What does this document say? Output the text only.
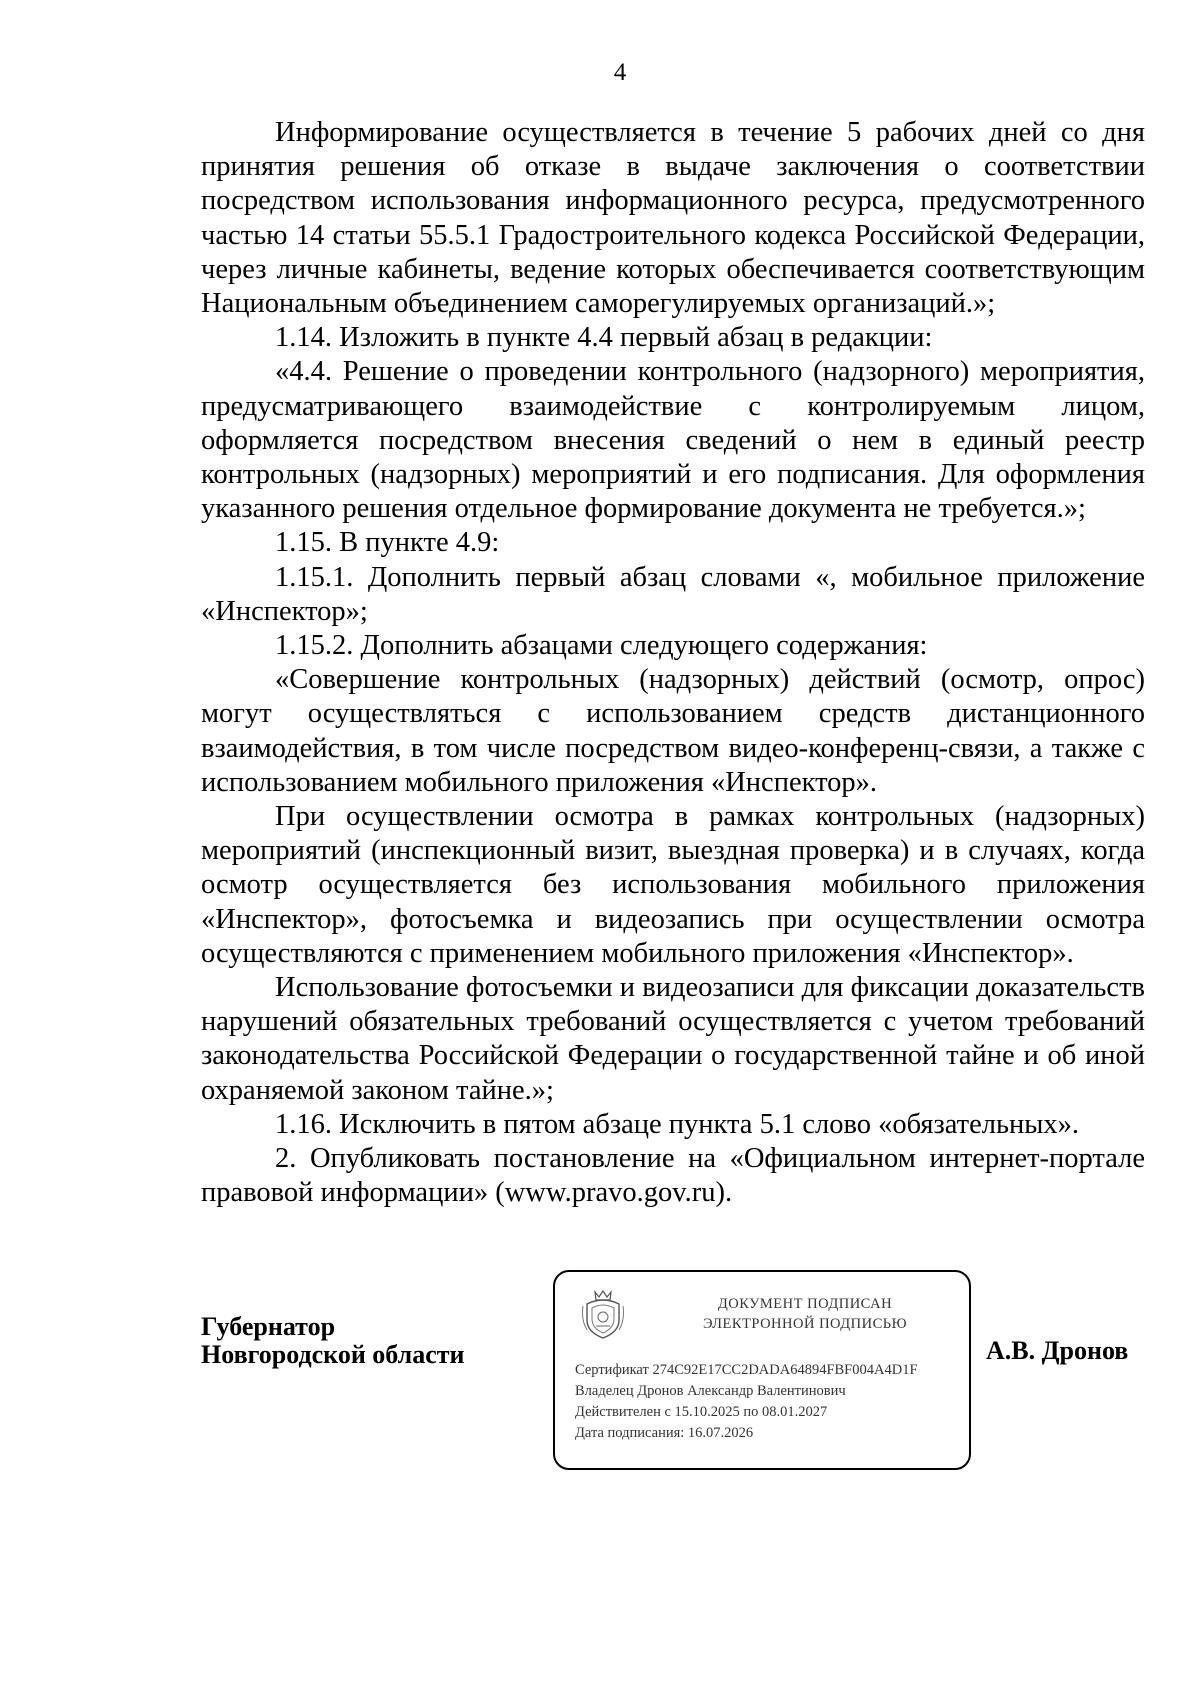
4

Информирование осуществляется в течение 5 рабочих дней со дня принятия решения об отказе в выдаче заключения о соответствии посредством использования информационного ресурса, предусмотренного частью 14 статьи 55.5.1 Градостроительного кодекса Российской Федерации, через личные кабинеты, ведение которых обеспечивается соответствующим Национальным объединением саморегулируемых организаций.»;

1.14. Изложить в пункте 4.4 первый абзац в редакции:

«4.4. Решение о проведении контрольного (надзорного) мероприятия, предусматривающего взаимодействие с контролируемым лицом, оформляется посредством внесения сведений о нем в единый реестр контрольных (надзорных) мероприятий и его подписания. Для оформления указанного решения отдельное формирование документа не требуется.»;

1.15. В пункте 4.9:

1.15.1. Дополнить первый абзац словами «, мобильное приложение «Инспектор»;

1.15.2. Дополнить абзацами следующего содержания:

«Совершение контрольных (надзорных) действий (осмотр, опрос) могут осуществляться с использованием средств дистанционного взаимодействия, в том числе посредством видео-конференц-связи, а также с использованием мобильного приложения «Инспектор».

При осуществлении осмотра в рамках контрольных (надзорных) мероприятий (инспекционный визит, выездная проверка) и в случаях, когда осмотр осуществляется без использования мобильного приложения «Инспектор», фотосъемка и видеозапись при осуществлении осмотра осуществляются с применением мобильного приложения «Инспектор».

Использование фотосъемки и видеозаписи для фиксации доказательств нарушений обязательных требований осуществляется с учетом требований законодательства Российской Федерации о государственной тайне и об иной охраняемой законом тайне.»;

1.16. Исключить в пятом абзаце пункта 5.1 слово «обязательных».

2. Опубликовать постановление на «Официальном интернет-портале правовой информации» (www.pravo.gov.ru).

Губернатор
Новгородской области
ДОКУМЕНТ ПОДПИСАН
ЭЛЕКТРОННОЙ ПОДПИСЬЮ
Сертификат 274C92E17CC2DADA64894FBF004A4D1F
Владелец Дронов Александр Валентинович
Действителен с 15.10.2025 по 08.01.2027
Дата подписания: 16.07.2026
А.В. Дронов
